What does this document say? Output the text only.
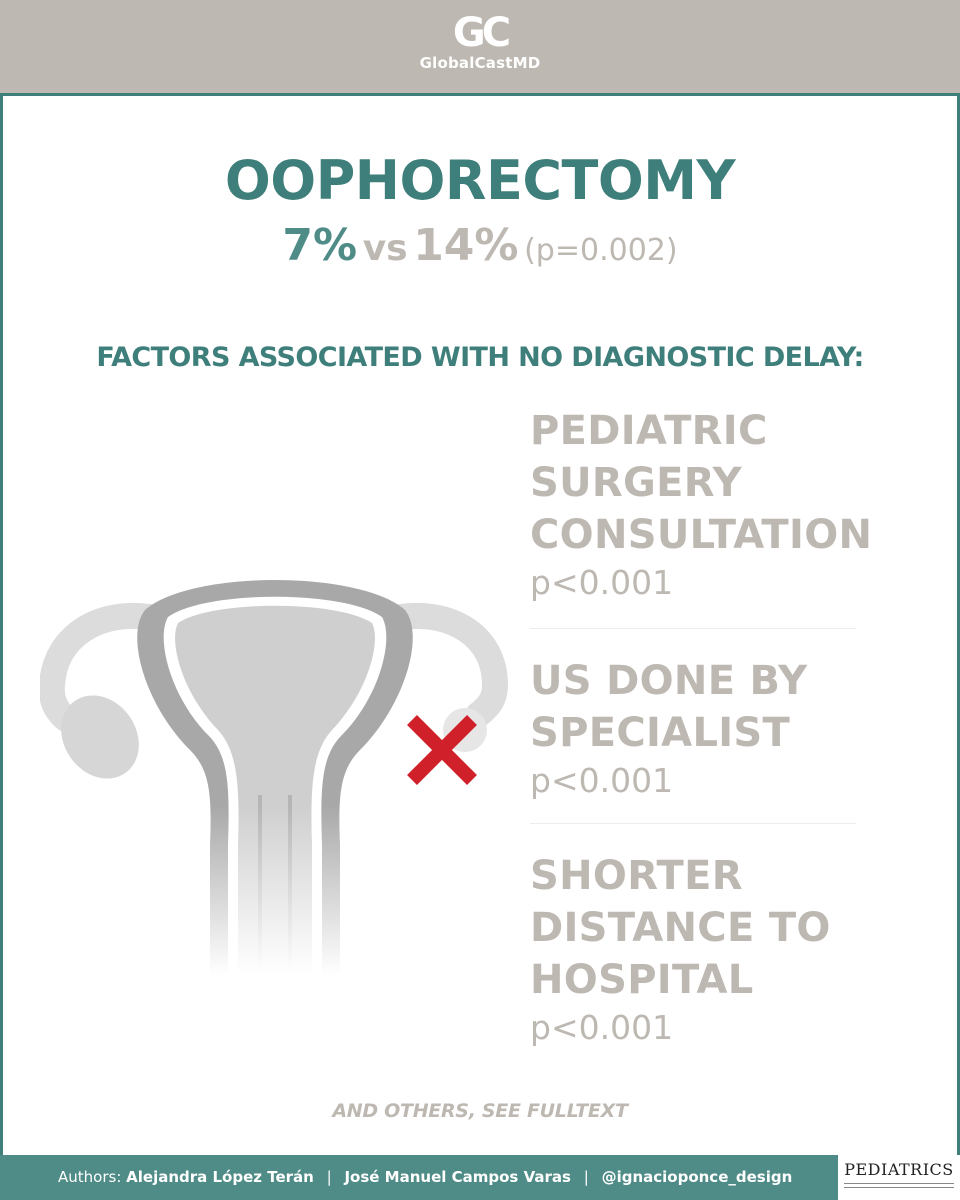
GC
GlobalCastMD
OOPHORECTOMY
7% vs 14% (p=0.002)
FACTORS ASSOCIATED WITH NO DIAGNOSTIC DELAY:
PEDIATRIC
SURGERY
CONSULTATION
p<0.001
US DONE BY
SPECIALIST
p<0.001
SHORTER
DISTANCE TO
HOSPITAL
p<0.001
AND OTHERS, SEE FULLTEXT
Authors: Alejandra López Terán | José Manuel Campos Varas | @ignacioponce_design	PEDIATRICS
